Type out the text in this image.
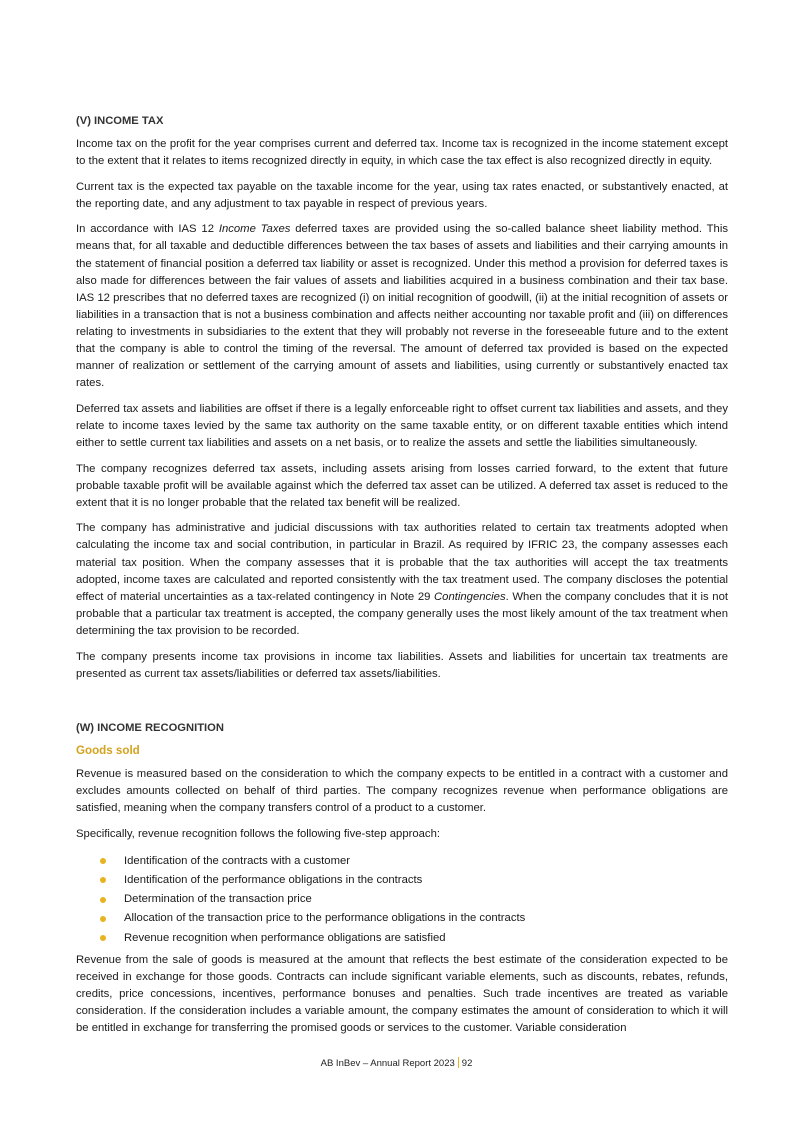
(V) INCOME TAX

Income tax on the profit for the year comprises current and deferred tax. Income tax is recognized in the income statement except to the extent that it relates to items recognized directly in equity, in which case the tax effect is also recognized directly in equity.

Current tax is the expected tax payable on the taxable income for the year, using tax rates enacted, or substantively enacted, at the reporting date, and any adjustment to tax payable in respect of previous years.

In accordance with IAS 12 Income Taxes deferred taxes are provided using the so-called balance sheet liability method. This means that, for all taxable and deductible differences between the tax bases of assets and liabilities and their carrying amounts in the statement of financial position a deferred tax liability or asset is recognized. Under this method a provision for deferred taxes is also made for differences between the fair values of assets and liabilities acquired in a business combination and their tax base. IAS 12 prescribes that no deferred taxes are recognized (i) on initial recognition of goodwill, (ii) at the initial recognition of assets or liabilities in a transaction that is not a business combination and affects neither accounting nor taxable profit and (iii) on differences relating to investments in subsidiaries to the extent that they will probably not reverse in the foreseeable future and to the extent that the company is able to control the timing of the reversal. The amount of deferred tax provided is based on the expected manner of realization or settlement of the carrying amount of assets and liabilities, using currently or substantively enacted tax rates.

Deferred tax assets and liabilities are offset if there is a legally enforceable right to offset current tax liabilities and assets, and they relate to income taxes levied by the same tax authority on the same taxable entity, or on different taxable entities which intend either to settle current tax liabilities and assets on a net basis, or to realize the assets and settle the liabilities simultaneously.

The company recognizes deferred tax assets, including assets arising from losses carried forward, to the extent that future probable taxable profit will be available against which the deferred tax asset can be utilized. A deferred tax asset is reduced to the extent that it is no longer probable that the related tax benefit will be realized.

The company has administrative and judicial discussions with tax authorities related to certain tax treatments adopted when calculating the income tax and social contribution, in particular in Brazil. As required by IFRIC 23, the company assesses each material tax position. When the company assesses that it is probable that the tax authorities will accept the tax treatments adopted, income taxes are calculated and reported consistently with the tax treatment used. The company discloses the potential effect of material uncertainties as a tax-related contingency in Note 29 Contingencies. When the company concludes that it is not probable that a particular tax treatment is accepted, the company generally uses the most likely amount of the tax treatment when determining the tax provision to be recorded.

The company presents income tax provisions in income tax liabilities. Assets and liabilities for uncertain tax treatments are presented as current tax assets/liabilities or deferred tax assets/liabilities.

(W) INCOME RECOGNITION
Goods sold

Revenue is measured based on the consideration to which the company expects to be entitled in a contract with a customer and excludes amounts collected on behalf of third parties. The company recognizes revenue when performance obligations are satisfied, meaning when the company transfers control of a product to a customer.

Specifically, revenue recognition follows the following five-step approach:

Identification of the contracts with a customer
Identification of the performance obligations in the contracts
Determination of the transaction price
Allocation of the transaction price to the performance obligations in the contracts
Revenue recognition when performance obligations are satisfied

Revenue from the sale of goods is measured at the amount that reflects the best estimate of the consideration expected to be received in exchange for those goods. Contracts can include significant variable elements, such as discounts, rebates, refunds, credits, price concessions, incentives, performance bonuses and penalties. Such trade incentives are treated as variable consideration. If the consideration includes a variable amount, the company estimates the amount of consideration to which it will be entitled in exchange for transferring the promised goods or services to the customer. Variable consideration

AB InBev – Annual Report 2023 92
